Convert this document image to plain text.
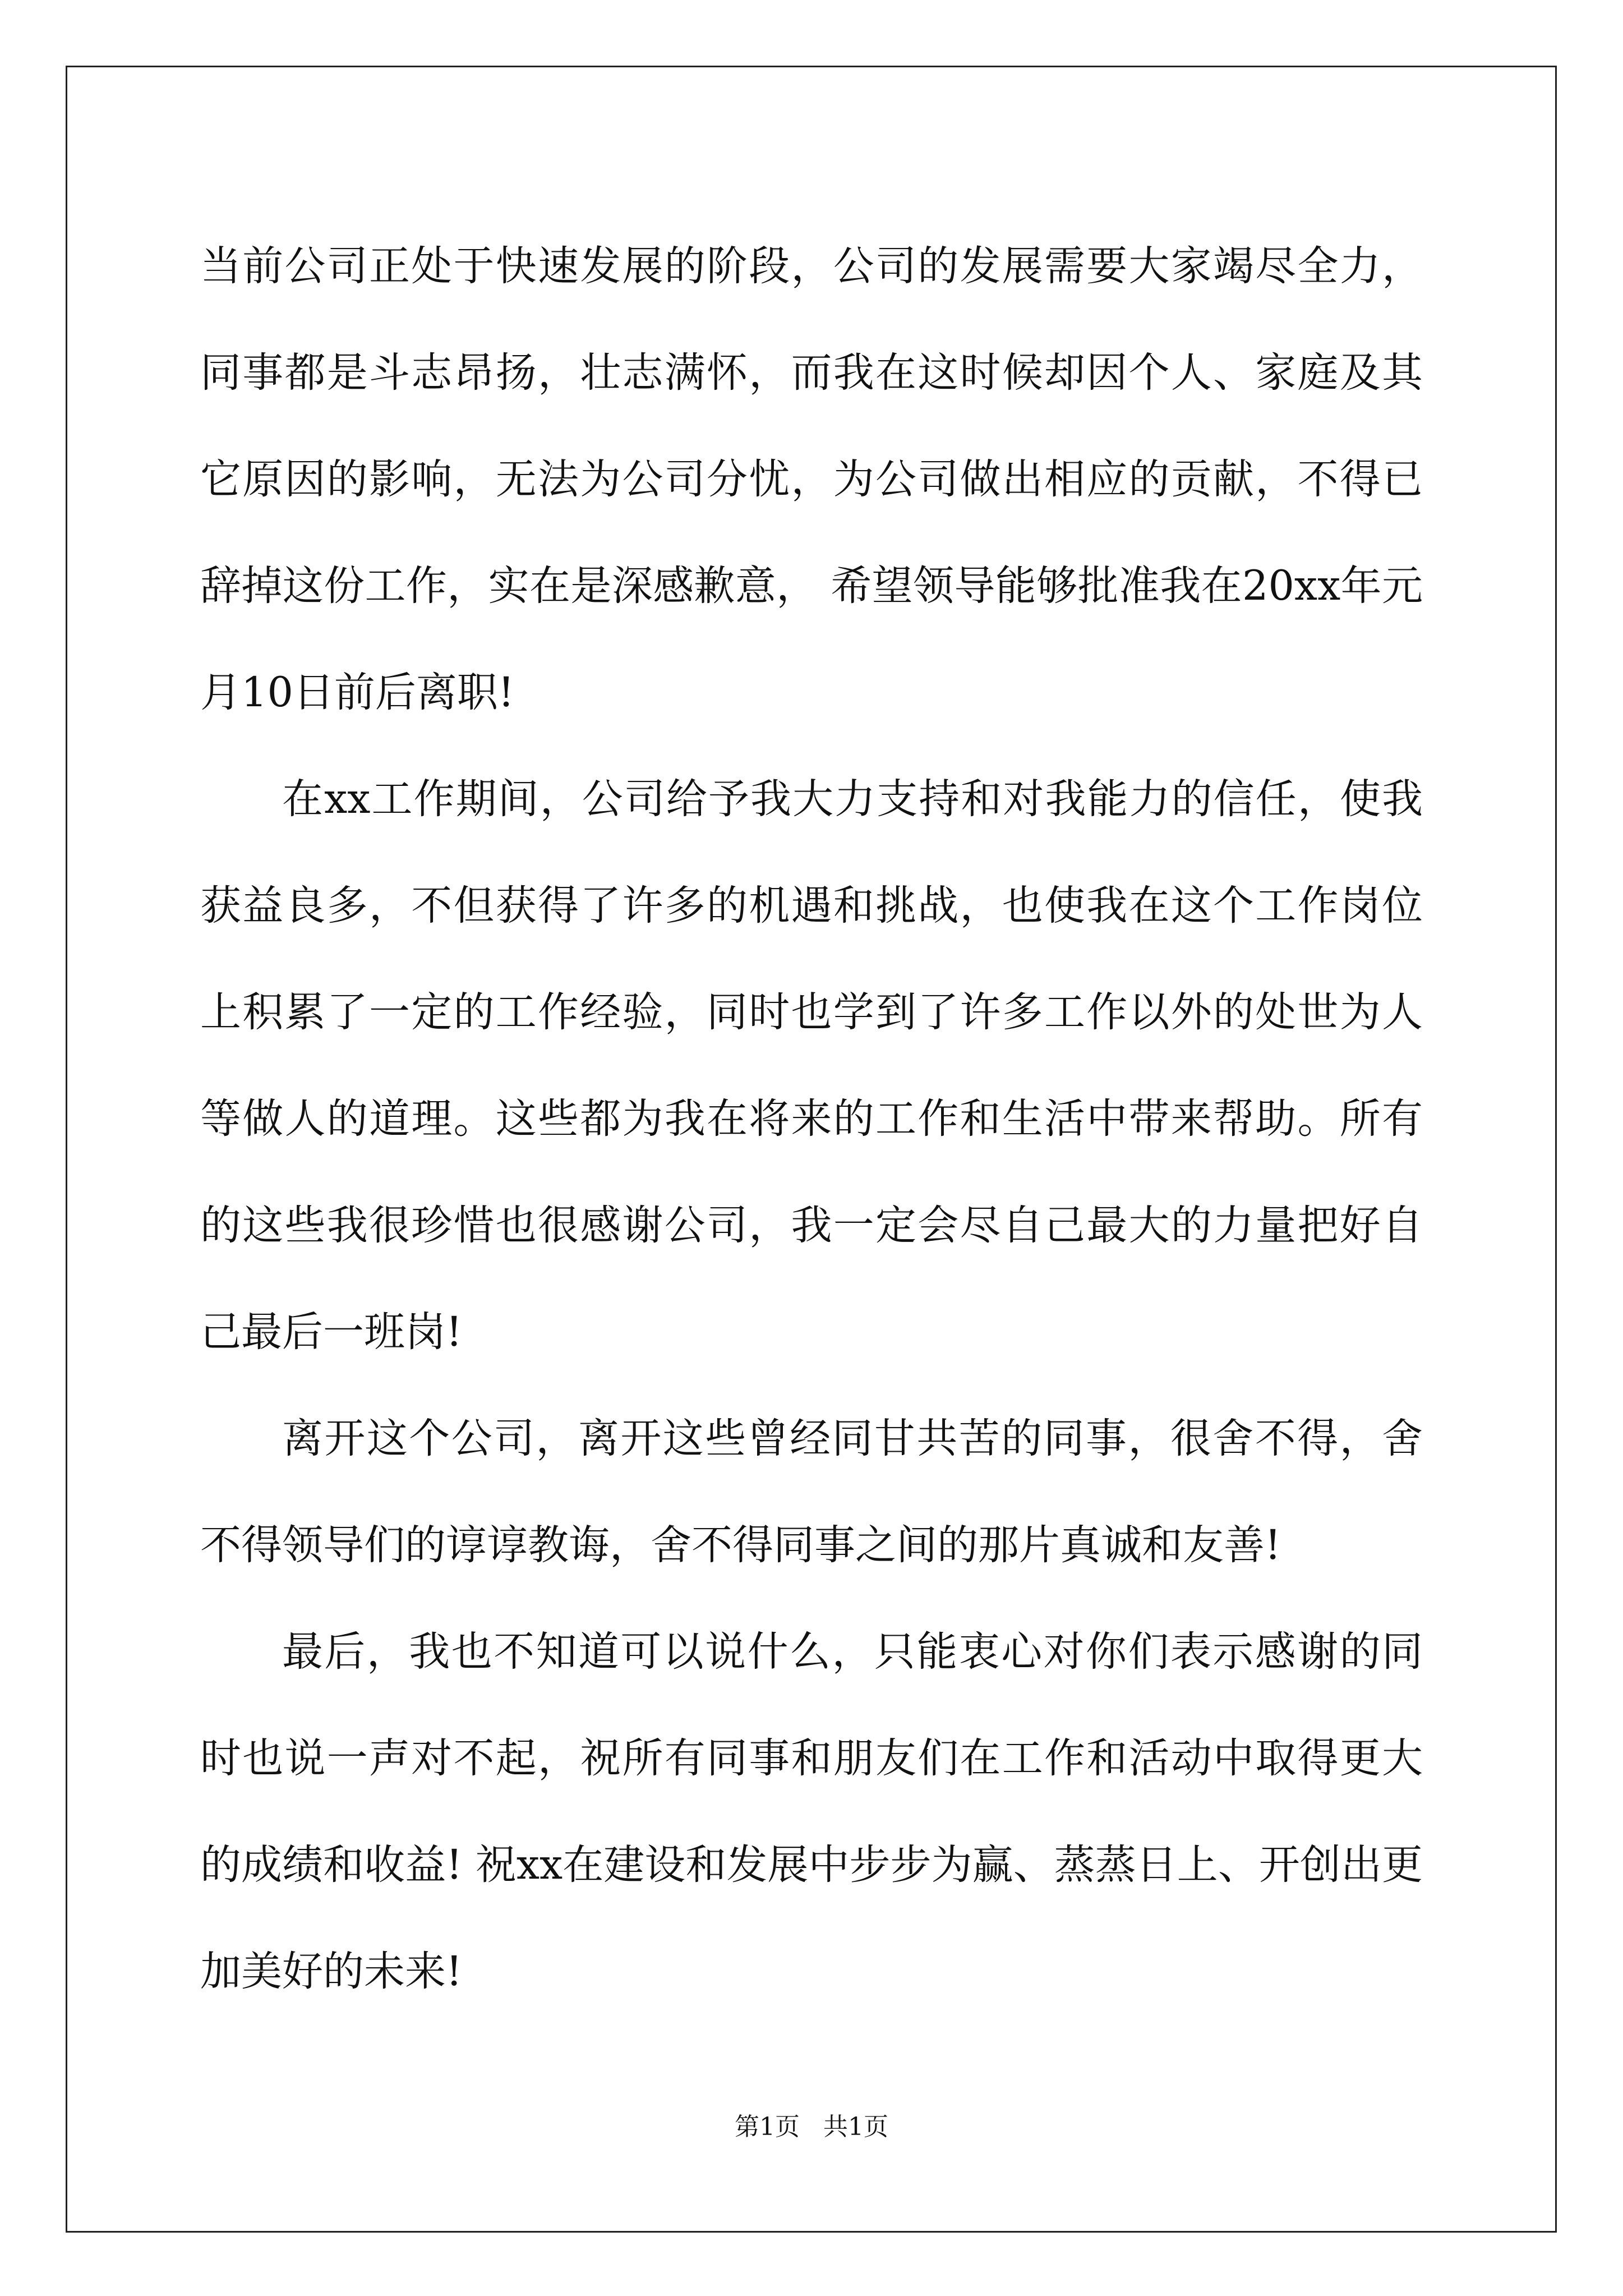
当前公司正处于快速发展的阶段，公司的发展需要大家竭尽全力，同事都是斗志昂扬，壮志满怀，而我在这时候却因个人、家庭及其它原因的影响，无法为公司分忧，为公司做出相应的贡献，不得已辞掉这份工作，实在是深感歉意， 希望领导能够批准我在20xx年元月10日前后离职!

在xx工作期间，公司给予我大力支持和对我能力的信任，使我获益良多，不但获得了许多的机遇和挑战，也使我在这个工作岗位上积累了一定的工作经验，同时也学到了许多工作以外的处世为人等做人的道理。这些都为我在将来的工作和生活中带来帮助。所有的这些我很珍惜也很感谢公司，我一定会尽自己最大的力量把好自己最后一班岗!

离开这个公司，离开这些曾经同甘共苦的同事，很舍不得，舍不得领导们的谆谆教诲，舍不得同事之间的那片真诚和友善!

最后，我也不知道可以说什么，只能衷心对你们表示感谢的同时也说一声对不起，祝所有同事和朋友们在工作和活动中取得更大的成绩和收益! 祝xx在建设和发展中步步为赢、蒸蒸日上、开创出更加美好的未来!

第1页   共1页
